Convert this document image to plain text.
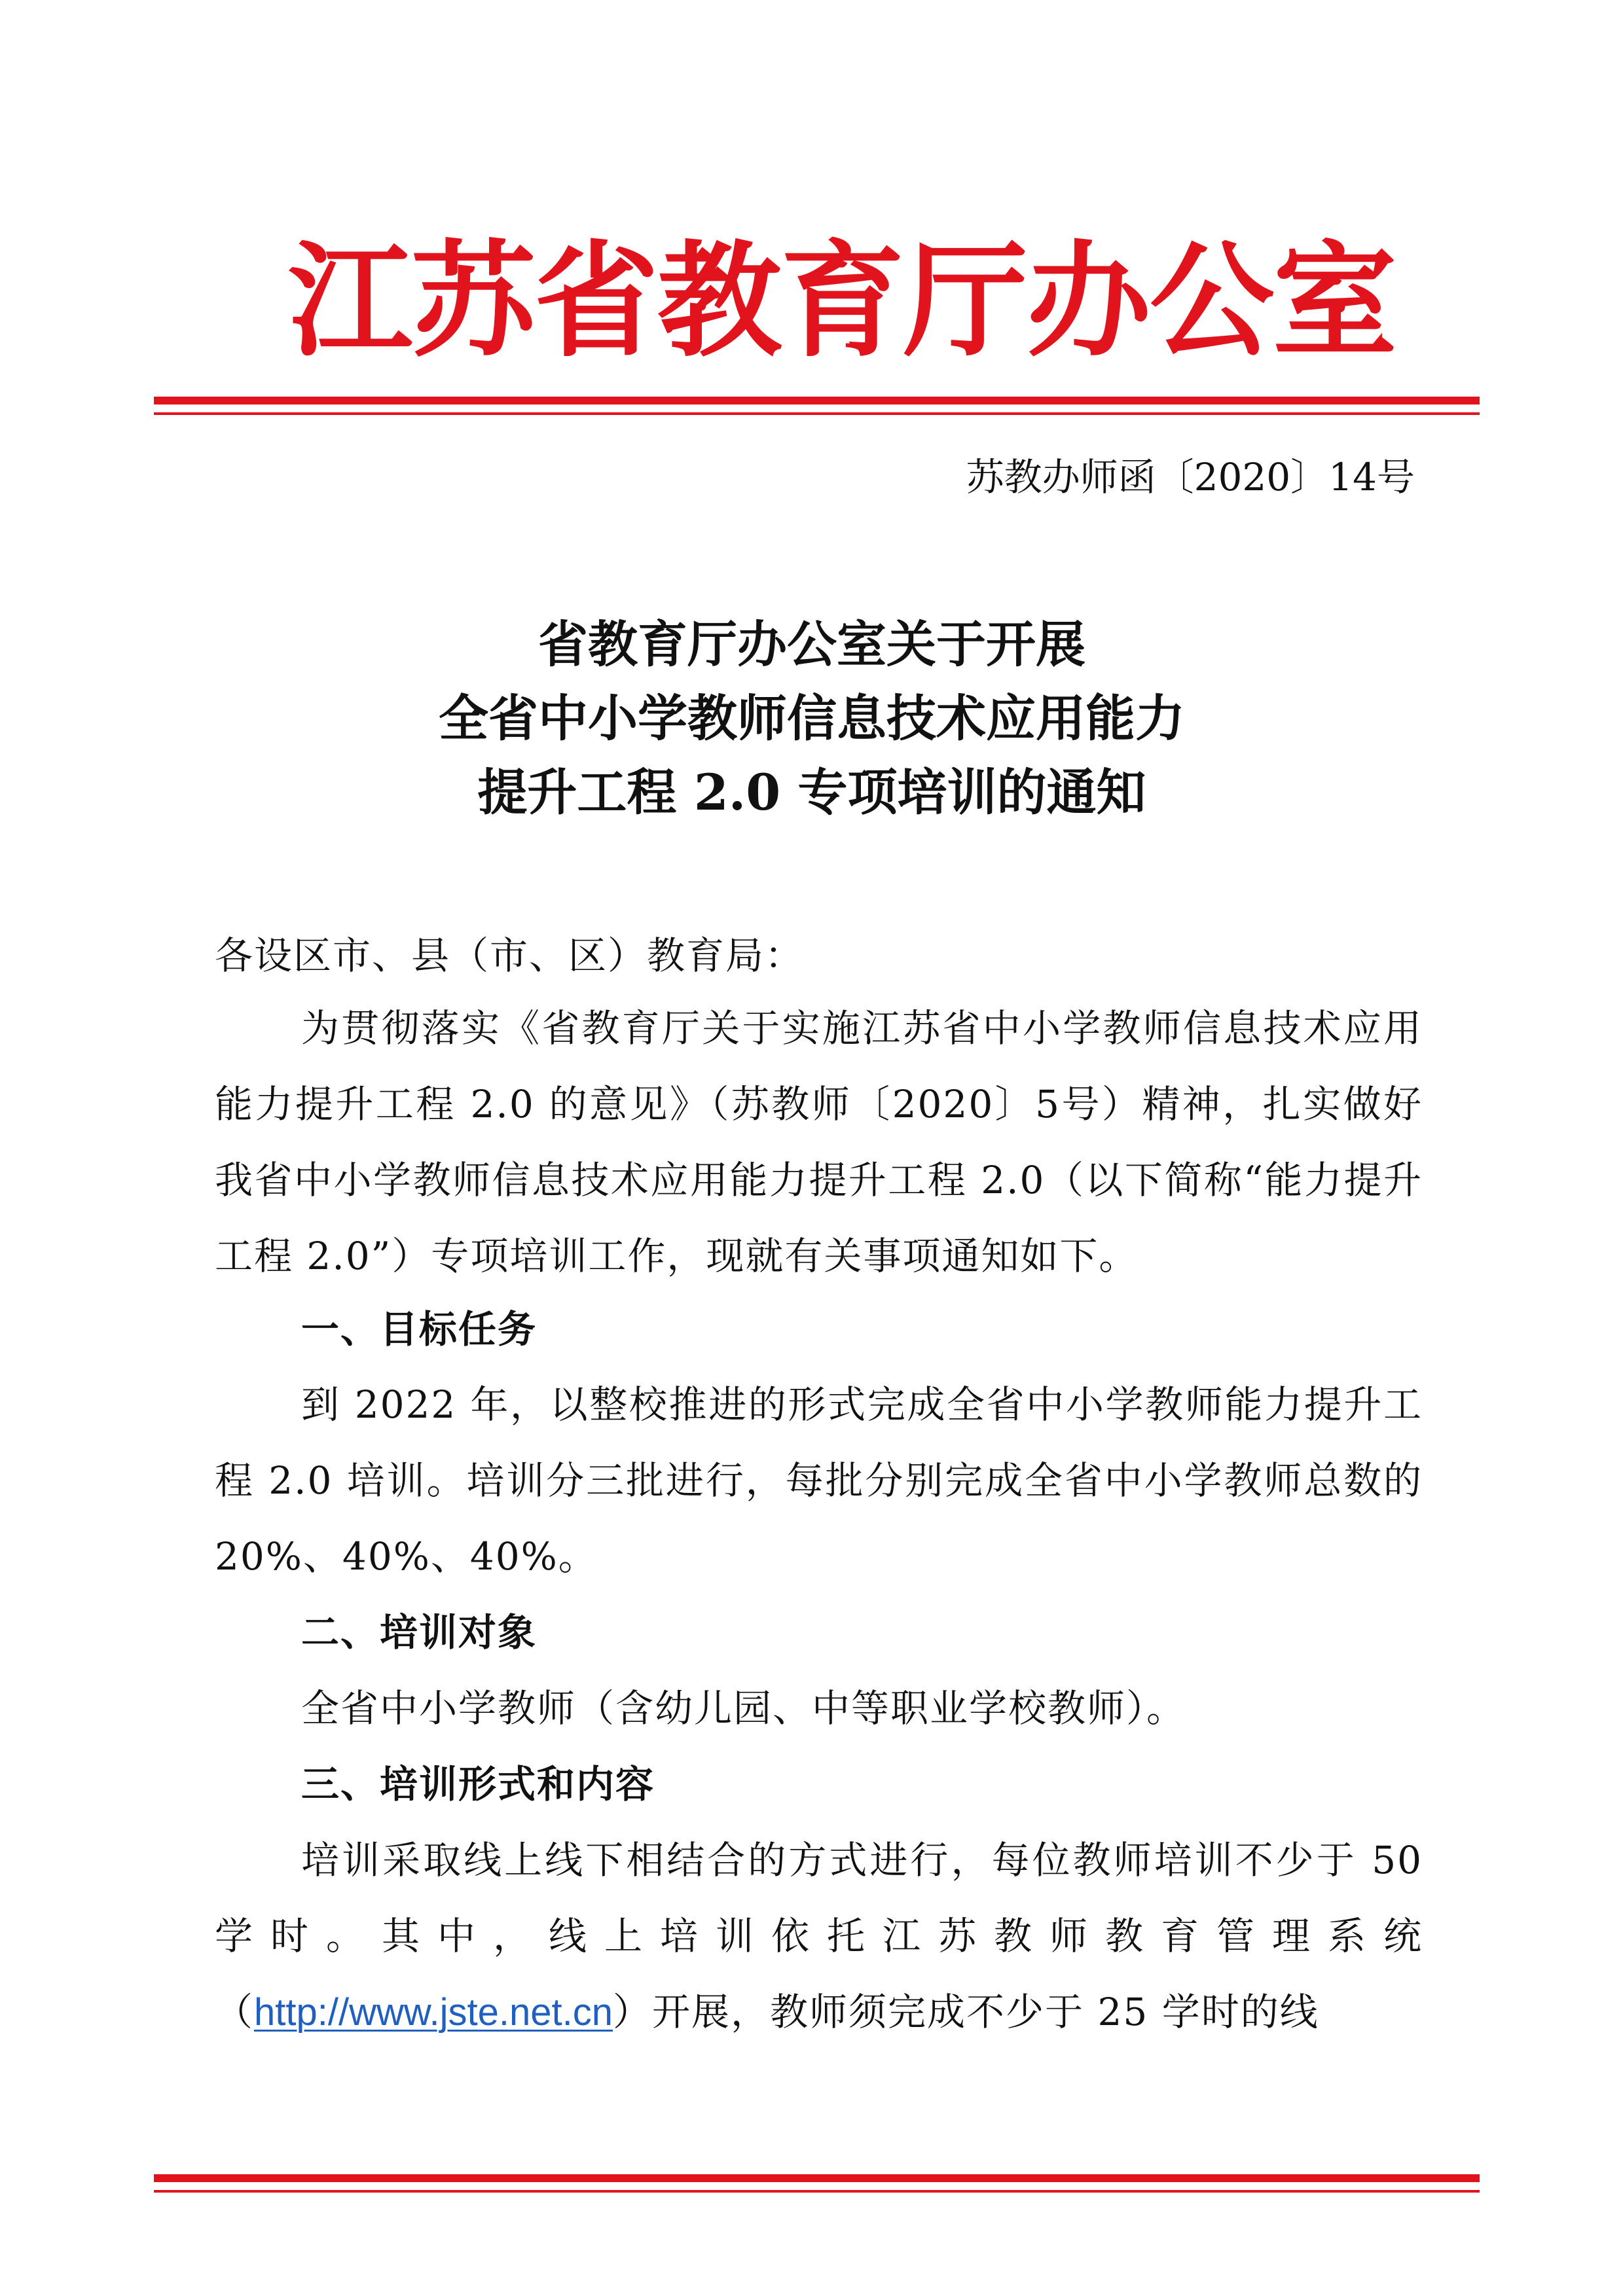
江苏省教育厅办公室
苏教办师函〔2020〕14号
省教育厅办公室关于开展
全省中小学教师信息技术应用能力
提升工程 2.0 专项培训的通知
各设区市、县（市、区）教育局：
为贯彻落实《省教育厅关于实施江苏省中小学教师信息技术应用能力提升工程 2.0 的意见》（苏教师〔2020〕5号）精神，扎实做好我省中小学教师信息技术应用能力提升工程 2.0（以下简称“能力提升工程 2.0”）专项培训工作，现就有关事项通知如下。
一、目标任务
到 2022 年，以整校推进的形式完成全省中小学教师能力提升工程 2.0 培训。培训分三批进行，每批分别完成全省中小学教师总数的 20%、40%、40%。
二、培训对象
全省中小学教师（含幼儿园、中等职业学校教师）。
三、培训形式和内容
培训采取线上线下相结合的方式进行，每位教师培训不少于 50 学时。其中，线上培训依托江苏教师教育管理系统（http://www.jste.net.cn）开展，教师须完成不少于 25 学时的线
